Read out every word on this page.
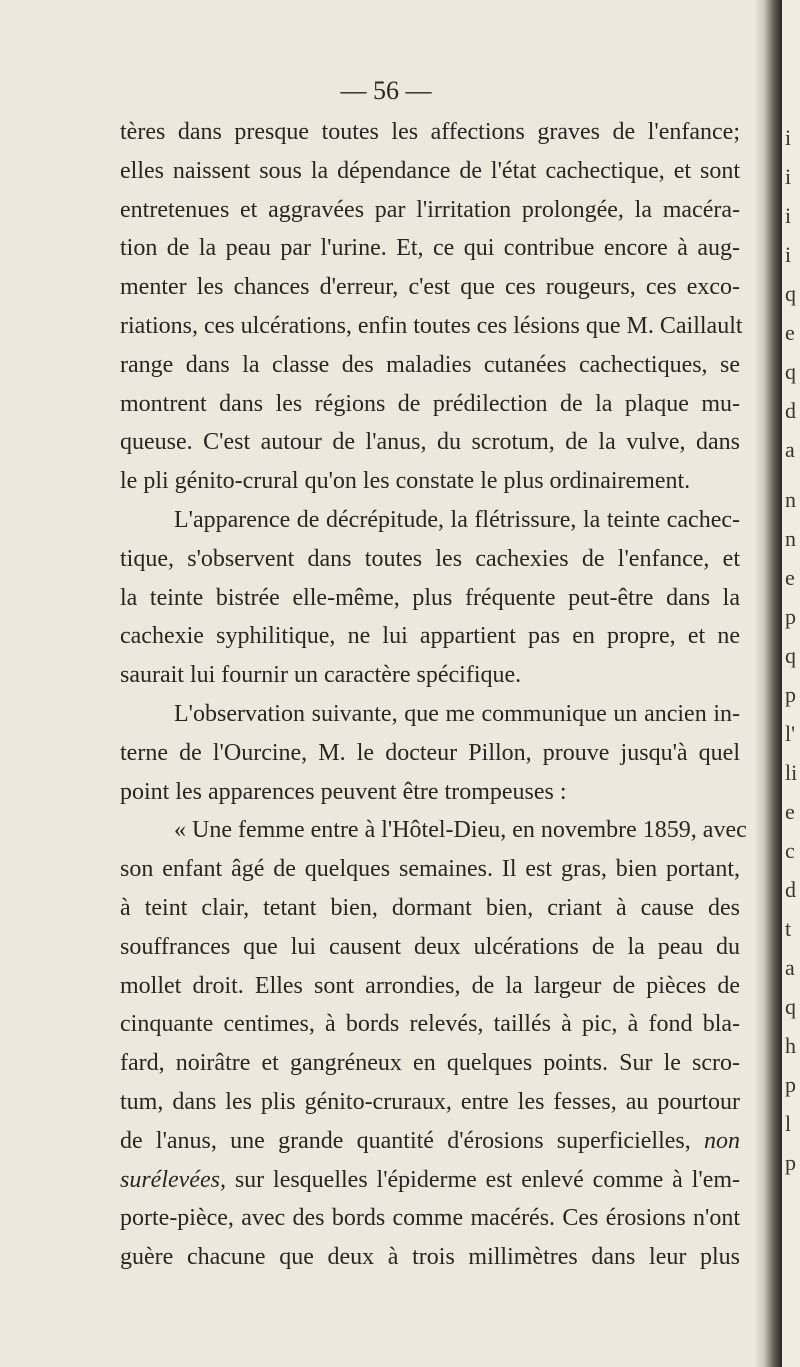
— 56 —
tères dans presque toutes les affections graves de l'enfance;
elles naissent sous la dépendance de l'état cachectique, et sont
entretenues et aggravées par l'irritation prolongée, la macéra-
tion de la peau par l'urine. Et, ce qui contribue encore à aug-
menter les chances d'erreur, c'est que ces rougeurs, ces exco-
riations, ces ulcérations, enfin toutes ces lésions que M. Caillault
range dans la classe des maladies cutanées cachectiques, se
montrent dans les régions de prédilection de la plaque mu-
queuse. C'est autour de l'anus, du scrotum, de la vulve, dans
le pli génito-crural qu'on les constate le plus ordinairement.
L'apparence de décrépitude, la flétrissure, la teinte cachec-
tique, s'observent dans toutes les cachexies de l'enfance, et
la teinte bistrée elle-même, plus fréquente peut-être dans la
cachexie syphilitique, ne lui appartient pas en propre, et ne
saurait lui fournir un caractère spécifique.
L'observation suivante, que me communique un ancien in-
terne de l'Ourcine, M. le docteur Pillon, prouve jusqu'à quel
point les apparences peuvent être trompeuses :
« Une femme entre à l'Hôtel-Dieu, en novembre 1859, avec
son enfant âgé de quelques semaines. Il est gras, bien portant,
à teint clair, tetant bien, dormant bien, criant à cause des
souffrances que lui causent deux ulcérations de la peau du
mollet droit. Elles sont arrondies, de la largeur de pièces de
cinquante centimes, à bords relevés, taillés à pic, à fond bla-
fard, noirâtre et gangréneux en quelques points. Sur le scro-
tum, dans les plis génito-cruraux, entre les fesses, au pourtour
de l'anus, une grande quantité d'érosions superficielles, non
surélevées, sur lesquelles l'épiderme est enlevé comme à l'em-
porte-pièce, avec des bords comme macérés. Ces érosions n'ont
guère chacune que deux à trois millimètres dans leur plus
i
i
i
i
q
e
q
d
a
n
n
e
p
q
p
l'
li
e
c
d
t
a
q
h
p
l
p
